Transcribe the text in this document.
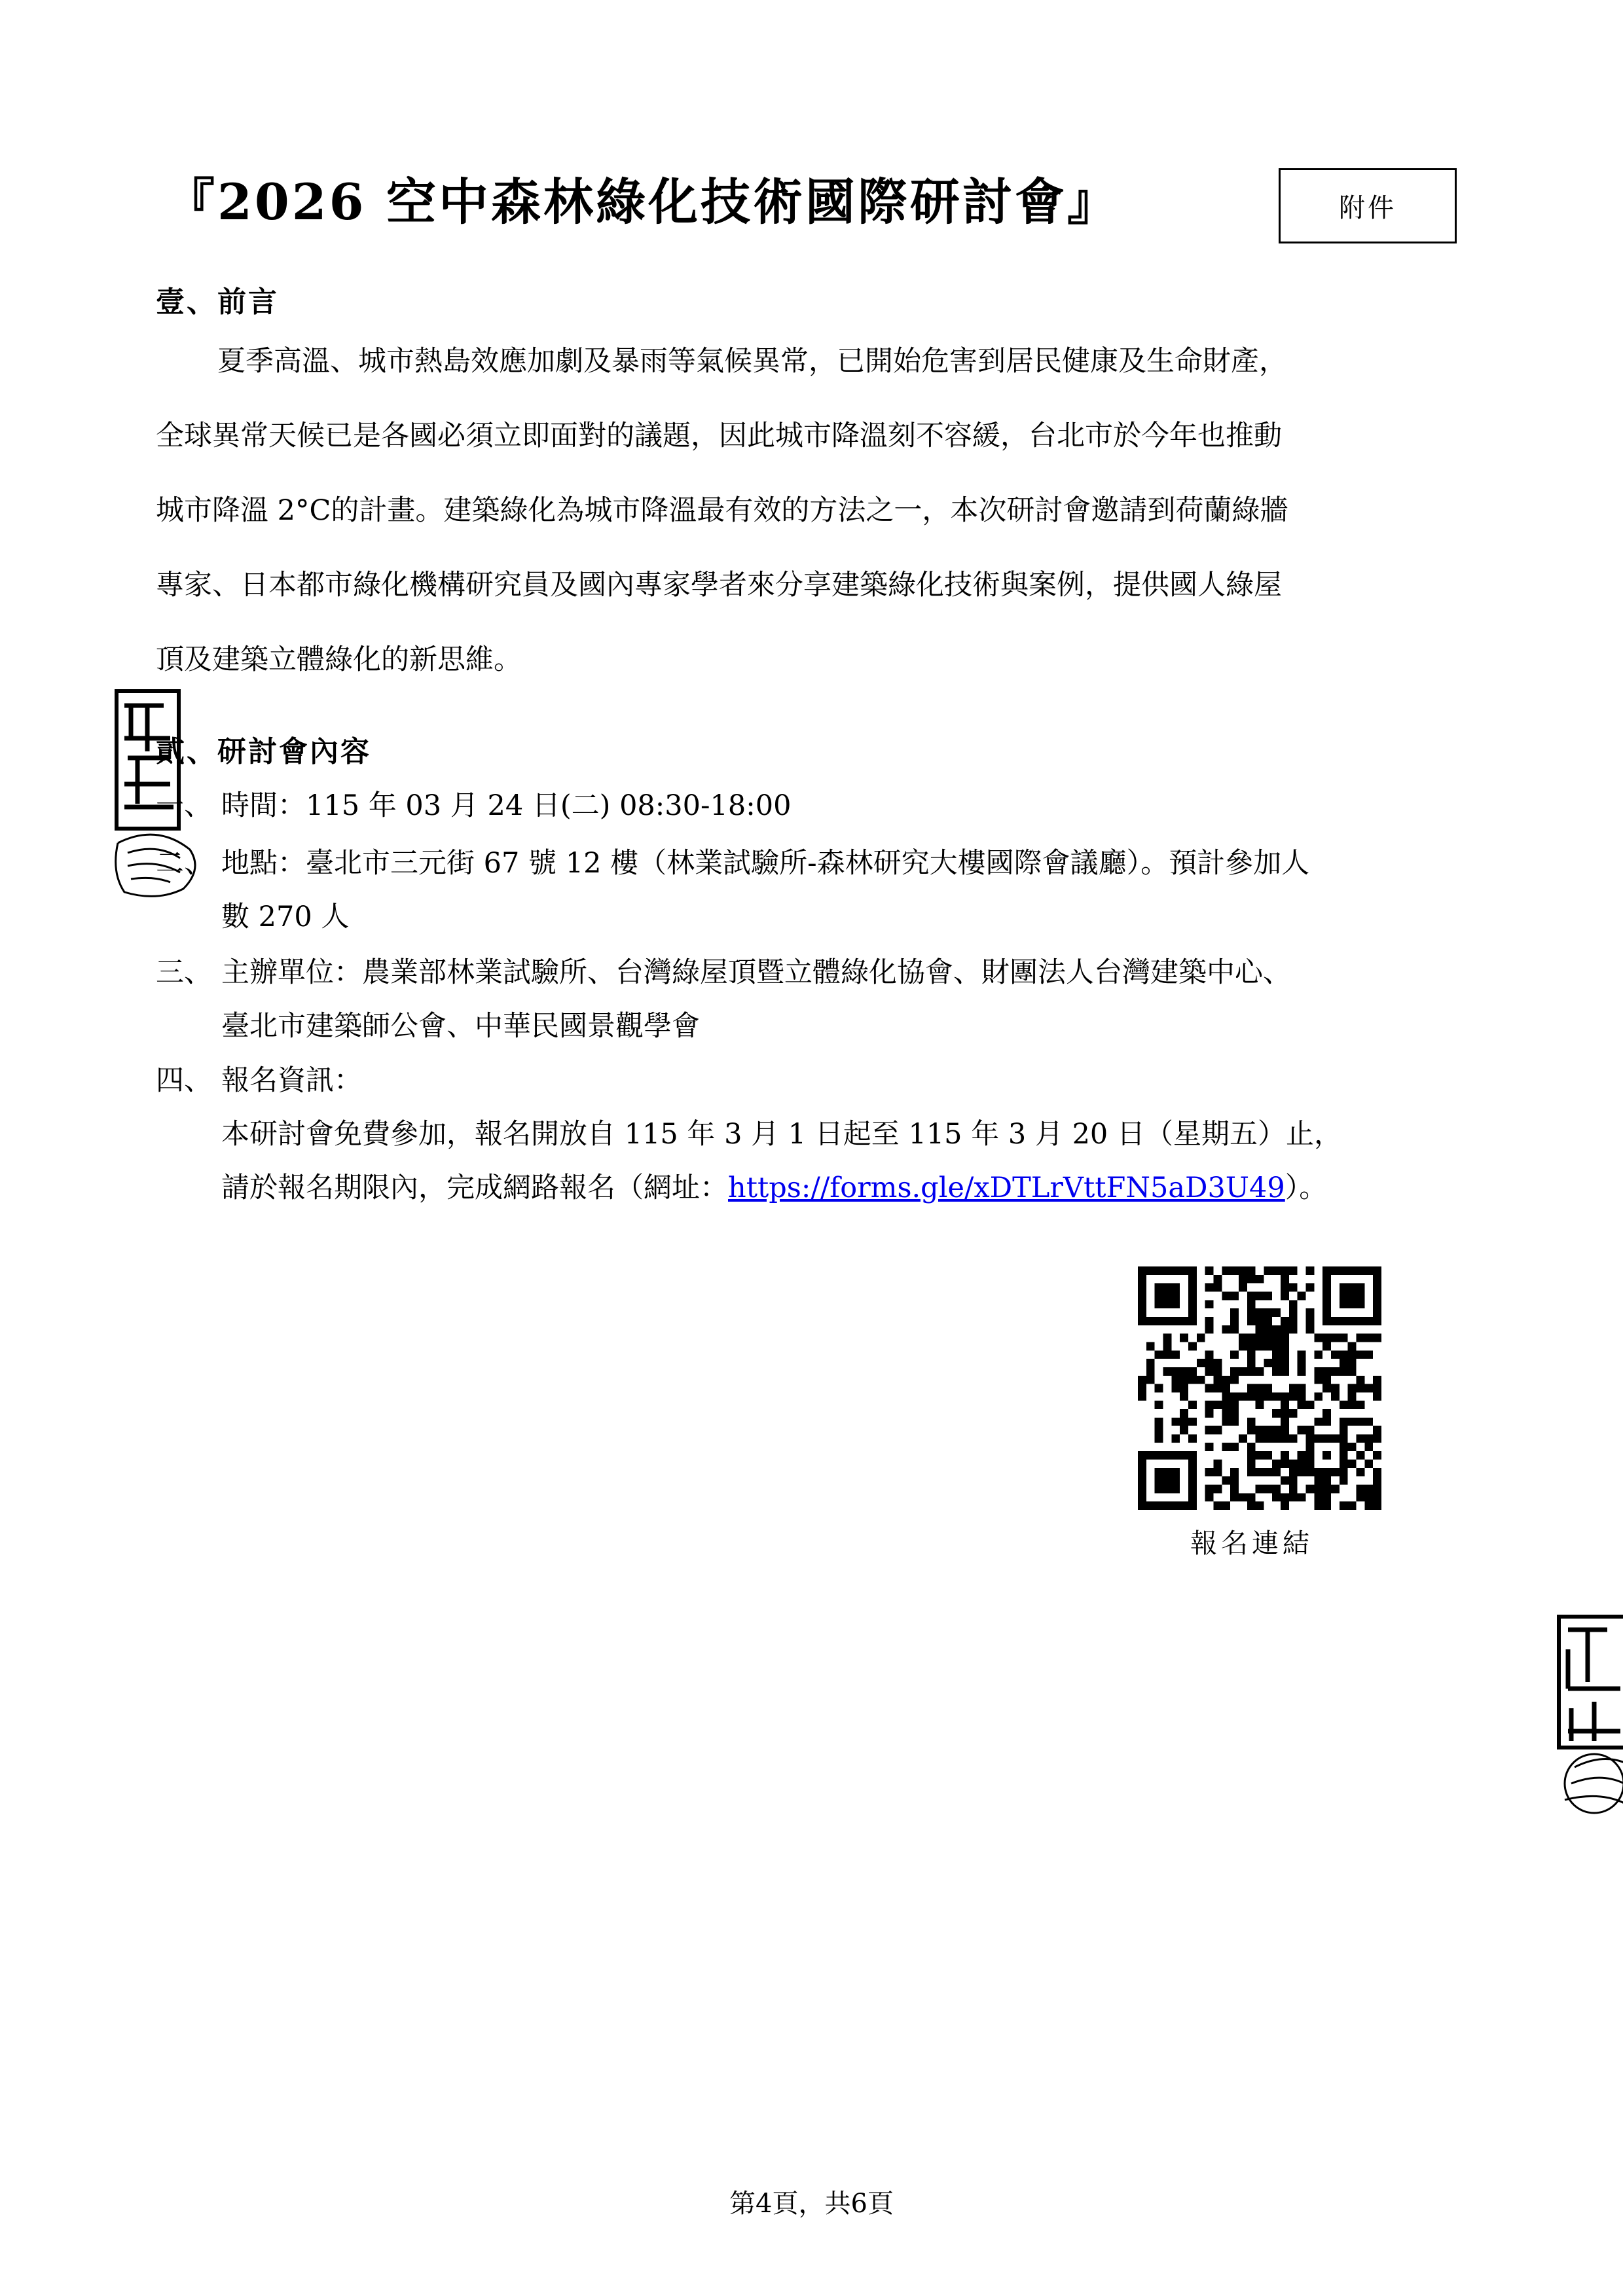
『2026 空中森林綠化技術國際研討會』	附件
壹、前言
夏季高溫、城市熱島效應加劇及暴雨等氣候異常，已開始危害到居民健康及生命財產，
全球異常天候已是各國必須立即面對的議題，因此城市降溫刻不容緩，台北市於今年也推動
城市降溫 2°C的計畫。建築綠化為城市降溫最有效的方法之一，本次研討會邀請到荷蘭綠牆
專家、日本都市綠化機構研究員及國內專家學者來分享建築綠化技術與案例，提供國人綠屋
頂及建築立體綠化的新思維。
貳、研討會內容
一、 時間：115 年 03 月 24 日(二) 08:30-18:00
二、 地點：臺北市三元街 67 號 12 樓（林業試驗所-森林研究大樓國際會議廳）。預計參加人
數 270 人
三、 主辦單位：農業部林業試驗所、台灣綠屋頂暨立體綠化協會、財團法人台灣建築中心、
臺北市建築師公會、中華民國景觀學會
四、 報名資訊：
本研討會免費參加，報名開放自 115 年 3 月 1 日起至 115 年 3 月 20 日（星期五）止，
請於報名期限內，完成網路報名（網址：https://forms.gle/xDTLrVttFN5aD3U49）。
報名連結
第4頁，共6頁
